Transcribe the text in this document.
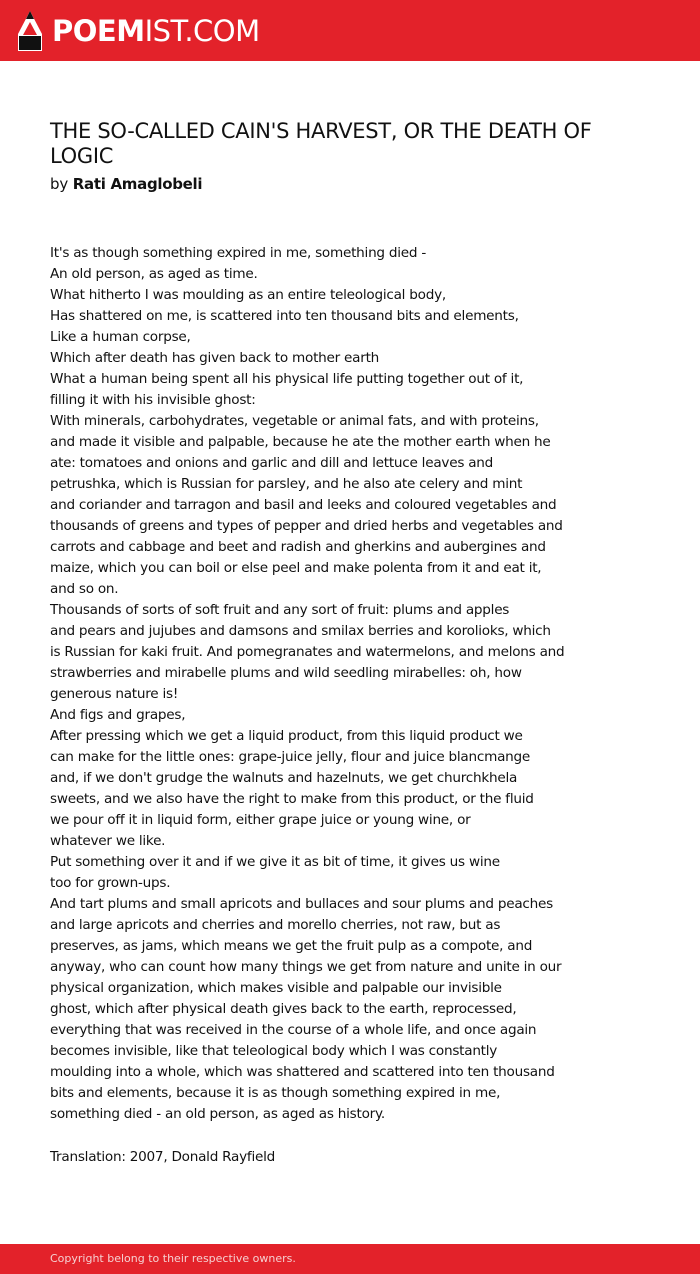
POEMIST.COM
THE SO-CALLED CAIN'S HARVEST, OR THE DEATH OF LOGIC
by Rati Amaglobeli
It's as though something expired in me, something died -
An old person, as aged as time.
What hitherto I was moulding as an entire teleological body,
Has shattered on me, is scattered into ten thousand bits and elements,
Like a human corpse,
Which after death has given back to mother earth
What a human being spent all his physical life putting together out of it,
filling it with his invisible ghost:
With minerals, carbohydrates, vegetable or animal fats, and with proteins,
and made it visible and palpable, because he ate the mother earth when he
ate: tomatoes and onions and garlic and dill and lettuce leaves and
petrushka, which is Russian for parsley, and he also ate celery and mint
and coriander and tarragon and basil and leeks and coloured vegetables and
thousands of greens and types of pepper and dried herbs and vegetables and
carrots and cabbage and beet and radish and gherkins and aubergines and
maize, which you can boil or else peel and make polenta from it and eat it,
and so on.
Thousands of sorts of soft fruit and any sort of fruit: plums and apples
and pears and jujubes and damsons and smilax berries and korolioks, which
is Russian for kaki fruit. And pomegranates and watermelons, and melons and
strawberries and mirabelle plums and wild seedling mirabelles: oh, how
generous nature is!
And figs and grapes,
After pressing which we get a liquid product, from this liquid product we
can make for the little ones: grape-juice jelly, flour and juice blancmange
and, if we don't grudge the walnuts and hazelnuts, we get churchkhela
sweets, and we also have the right to make from this product, or the fluid
we pour off it in liquid form, either grape juice or young wine, or
whatever we like.
Put something over it and if we give it as bit of time, it gives us wine
too for grown-ups.
And tart plums and small apricots and bullaces and sour plums and peaches
and large apricots and cherries and morello cherries, not raw, but as
preserves, as jams, which means we get the fruit pulp as a compote, and
anyway, who can count how many things we get from nature and unite in our
physical organization, which makes visible and palpable our invisible
ghost, which after physical death gives back to the earth, reprocessed,
everything that was received in the course of a whole life, and once again
becomes invisible, like that teleological body which I was constantly
moulding into a whole, which was shattered and scattered into ten thousand
bits and elements, because it is as though something expired in me,
something died - an old person, as aged as history.
Translation: 2007, Donald Rayfield
Copyright belong to their respective owners.
